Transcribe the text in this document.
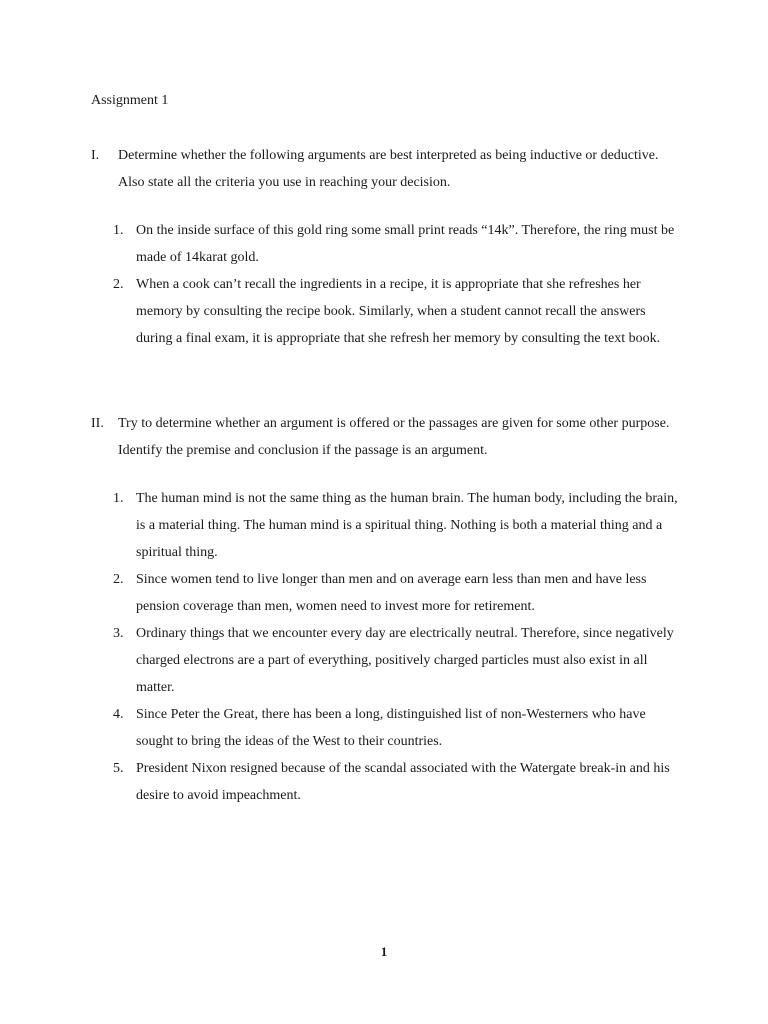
Assignment 1
I. Determine whether the following arguments are best interpreted as being inductive or deductive. Also state all the criteria you use in reaching your decision.
1. On the inside surface of this gold ring some small print reads “14k”. Therefore, the ring must be made of 14karat gold.
2. When a cook can’t recall the ingredients in a recipe, it is appropriate that she refreshes her memory by consulting the recipe book. Similarly, when a student cannot recall the answers during a final exam, it is appropriate that she refresh her memory by consulting the text book.
II. Try to determine whether an argument is offered or the passages are given for some other purpose. Identify the premise and conclusion if the passage is an argument.
1. The human mind is not the same thing as the human brain. The human body, including the brain, is a material thing. The human mind is a spiritual thing. Nothing is both a material thing and a spiritual thing.
2. Since women tend to live longer than men and on average earn less than men and have less pension coverage than men, women need to invest more for retirement.
3. Ordinary things that we encounter every day are electrically neutral. Therefore, since negatively charged electrons are a part of everything, positively charged particles must also exist in all matter.
4. Since Peter the Great, there has been a long, distinguished list of non-Westerners who have sought to bring the ideas of the West to their countries.
5. President Nixon resigned because of the scandal associated with the Watergate break-in and his desire to avoid impeachment.
1
